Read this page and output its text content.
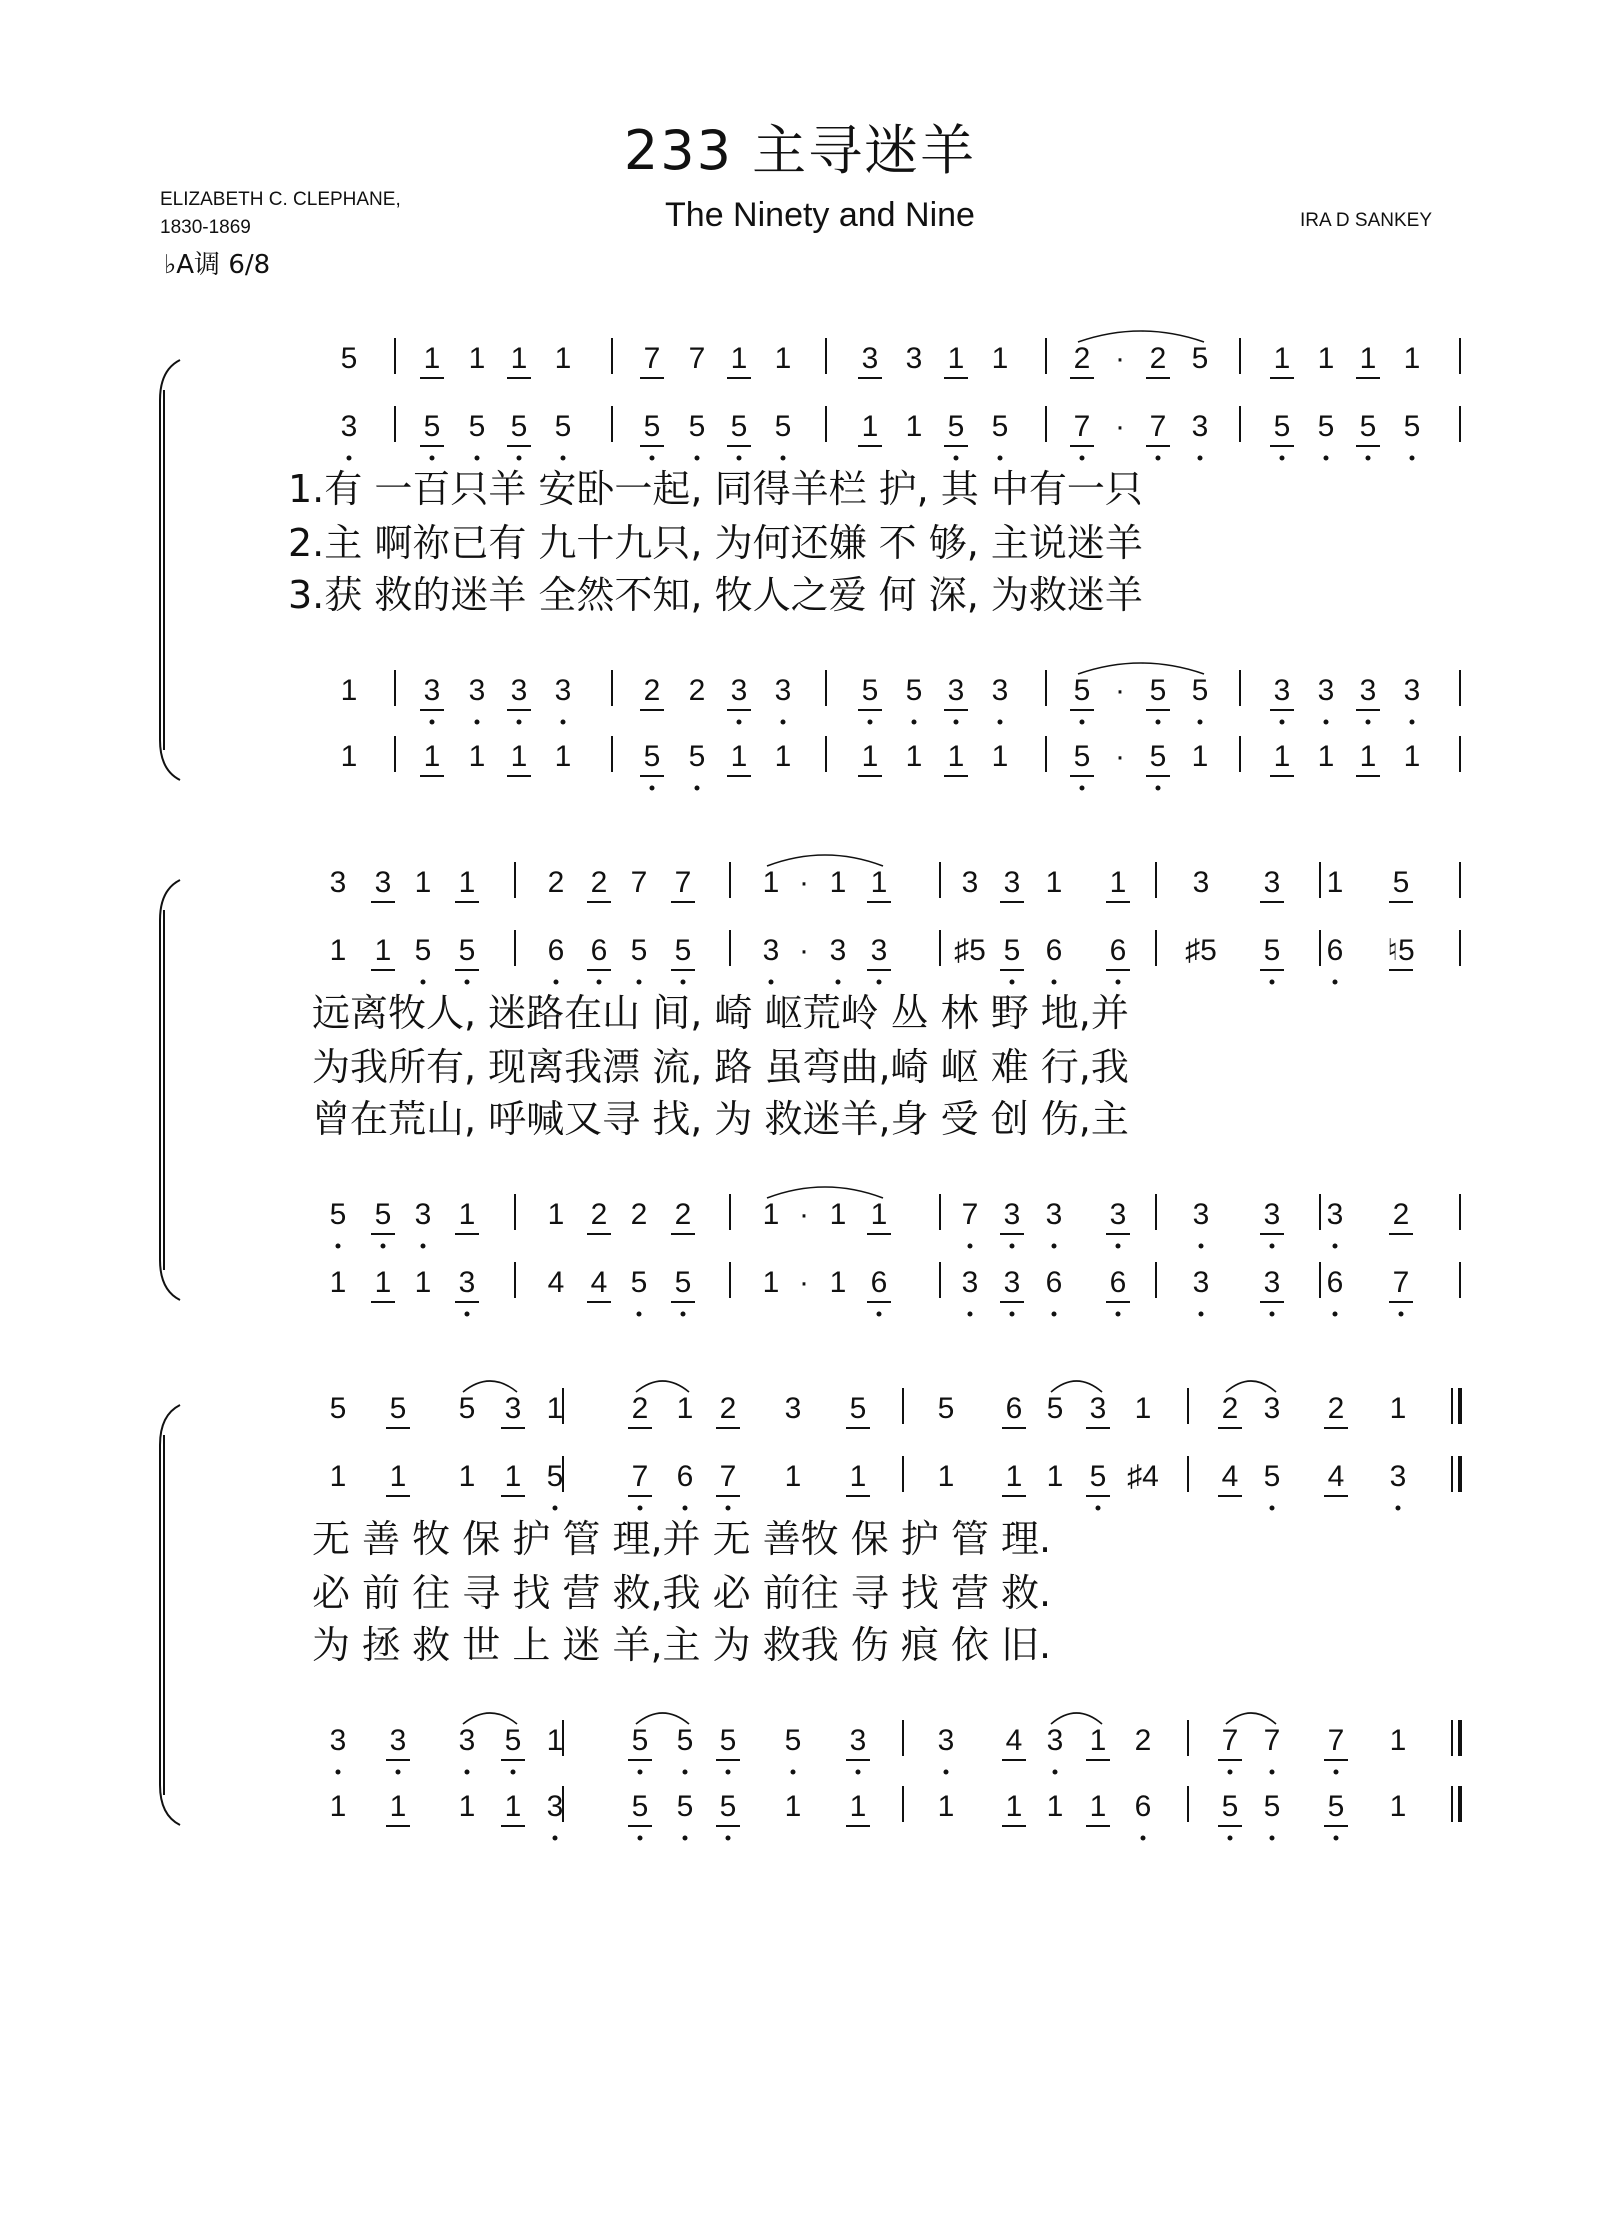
233 主寻迷羊
ELIZABETH C. CLEPHANE,
1830-1869	The Ninety and Nine	IRA D SANKEY
♭A调 6/8
5 1 1 1 1 7 7 1 1 3 3 1 1 2 · 2 5 1 1 1 1
3 5 5 5 5 5 5 5 5 1 1 5 5 7 · 7 3 5 5 5 5
1 3 3 3 3 2 2 3 3 5 5 3 3 5 · 5 5 3 3 3 3
1 1 1 1 1 5 5 1 1 1 1 1 1 5 · 5 1 1 1 1 1
3 3 1 1 2 2 7 7 1 · 1 1 3 3 1 1 3 3 1 5
1 1 5 5 6 6 5 5 3 · 3 3 ♯5 5 6 6 ♯5 5 6 ♮5
5 5 3 1 1 2 2 2 1 · 1 1 7 3 3 3 3 3 3 2
1 1 1 3 4 4 5 5 1 · 1 6 3 3 6 6 3 3 6 7
5 5 5 3 1 2 1 2 3 5 5 6 5 3 1 2 3 2 1
1 1 1 1 5 7 6 7 1 1 1 1 1 5 ♯4 4 5 4 3
3 3 3 5 1 5 5 5 5 3 3 4 3 1 2 7 7 7 1
1 1 1 1 3 5 5 5 1 1 1 1 1 1 6 5 5 5 1
1.有 一百只羊 安卧一起, 同得羊栏 护, 其 中有一只
2.主 啊祢已有 九十九只, 为何还嫌 不 够, 主说迷羊
3.获 救的迷羊 全然不知, 牧人之爱 何 深, 为救迷羊
远离牧人, 迷路在山 间, 崎 岖荒岭 丛 林 野 地,并
为我所有, 现离我漂 流, 路 虽弯曲,崎 岖 难 行,我
曾在荒山, 呼喊又寻 找, 为 救迷羊,身 受 创 伤,主
无 善 牧 保 护 管 理,并 无 善牧 保 护 管 理.
必 前 往 寻 找 营 救,我 必 前往 寻 找 营 救.
为 拯 救 世 上 迷 羊,主 为 救我 伤 痕 依 旧.
